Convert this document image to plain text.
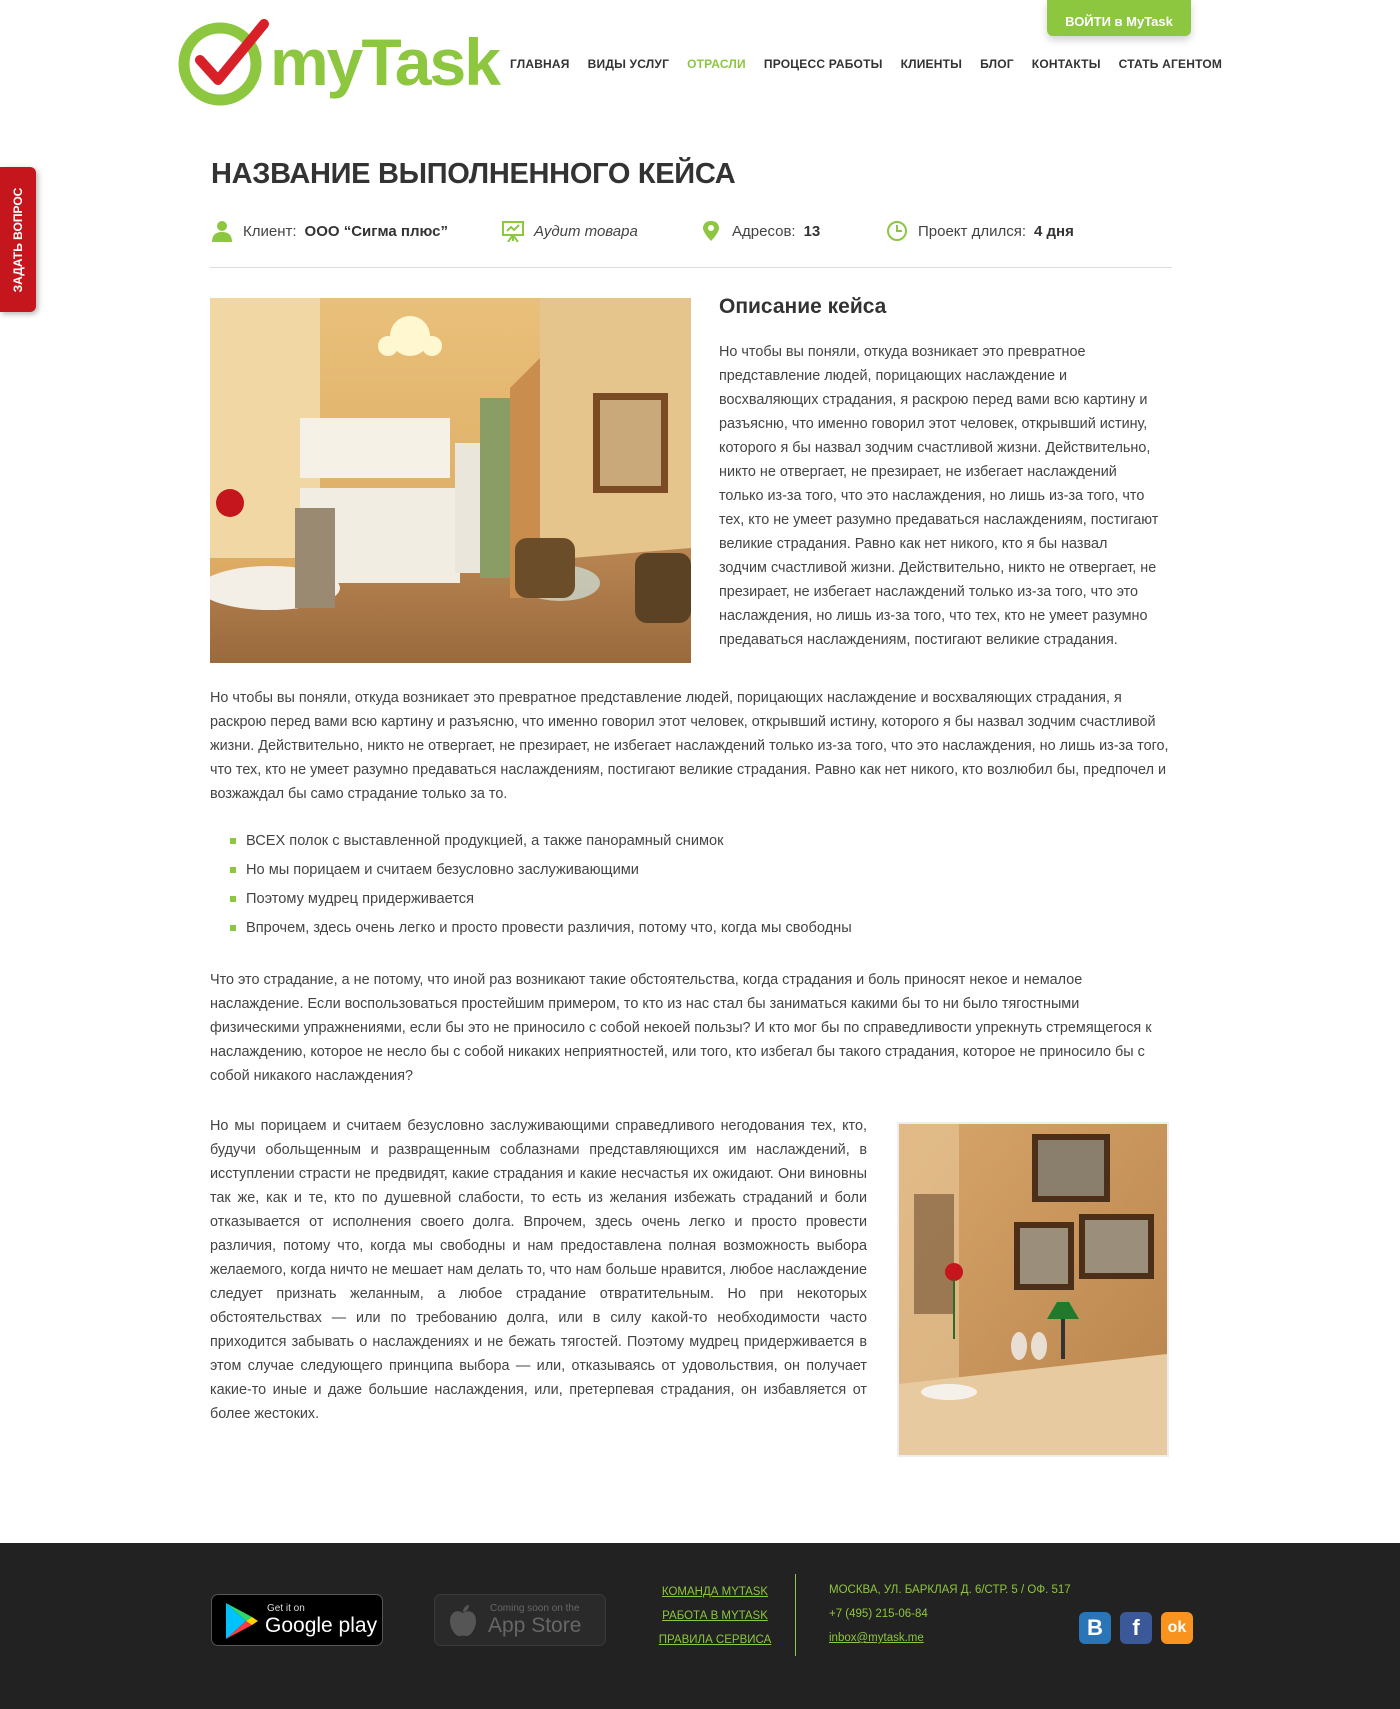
myTask ГЛАВНАЯ ВИДЫ УСЛУГ ОТРАСЛИ ПРОЦЕСС РАБОТЫ КЛИЕНТЫ БЛОГ КОНТАКТЫ СТАТЬ АГЕНТОМ
ВОЙТИ в MyTask
ЗАДАТЬ ВОПРОС
НАЗВАНИЕ ВЫПОЛНЕННОГО КЕЙСА
Клиент: ООО “Сигма плюс”	Аудит товара	Адресов: 13	Проект длился: 4 дня
Описание кейса

Но чтобы вы поняли, откуда возникает это превратное представление людей, порицающих наслаждение и восхваляющих страдания, я раскрою перед вами всю картину и разъясню, что именно говорил этот человек, открывший истину, которого я бы назвал зодчим счастливой жизни. Действительно, никто не отвергает, не презирает, не избегает наслаждений только из-за того, что это наслаждения, но лишь из-за того, что тех, кто не умеет разумно предаваться наслаждениям, постигают великие страдания. Равно как нет никого, кто я бы назвал зодчим счастливой жизни. Действительно, никто не отвергает, не презирает, не избегает наслаждений только из-за того, что это наслаждения, но лишь из-за того, что тех, кто не умеет разумно предаваться наслаждениям, постигают великие страдания.

Но чтобы вы поняли, откуда возникает это превратное представление людей, порицающих наслаждение и восхваляющих страдания, я раскрою перед вами всю картину и разъясню, что именно говорил этот человек, открывший истину, которого я бы назвал зодчим счастливой жизни. Действительно, никто не отвергает, не презирает, не избегает наслаждений только из-за того, что это наслаждения, но лишь из-за того, что тех, кто не умеет разумно предаваться наслаждениям, постигают великие страдания. Равно как нет никого, кто возлюбил бы, предпочел и возжаждал бы само страдание только за то.

ВСЕХ полок с выставленной продукцией, а также панорамный снимок
Но мы порицаем и считаем безусловно заслуживающими
Поэтому мудрец придерживается
Впрочем, здесь очень легко и просто провести различия, потому что, когда мы свободны

Что это страдание, а не потому, что иной раз возникают такие обстоятельства, когда страдания и боль приносят некое и немалое наслаждение. Если воспользоваться простейшим примером, то кто из нас стал бы заниматься какими бы то ни было тягостными физическими упражнениями, если бы это не приносило с собой некоей пользы? И кто мог бы по справедливости упрекнуть стремящегося к наслаждению, которое не несло бы с собой никаких неприятностей, или того, кто избегал бы такого страдания, которое не приносило бы с собой никакого наслаждения?

Но мы порицаем и считаем безусловно заслуживающими справедливого негодования тех, кто, будучи обольщенным и развращенным соблазнами представляющихся им наслаждений, в исступлении страсти не предвидят, какие страдания и какие несчастья их ожидают. Они виновны так же, как и те, кто по душевной слабости, то есть из желания избежать страданий и боли отказывается от исполнения своего долга. Впрочем, здесь очень легко и просто провести различия, потому что, когда мы свободны и нам предоставлена полная возможность выбора желаемого, когда ничто не мешает нам делать то, что нам больше нравится, любое наслаждение следует признать желанным, а любое страдание отвратительным. Но при некоторых обстоятельствах — или по требованию долга, или в силу какой-то необходимости часто приходится забывать о наслаждениях и не бежать тягостей. Поэтому мудрец придерживается в этом случае следующего принципа выбора — или, отказываясь от удовольствия, он получает какие-то иные и даже большие наслаждения, или, претерпевая страдания, он избавляется от более жестоких.

Get it on
Google play
Coming soon on the
App Store
КОМАНДА MYTASK
РАБОТА В MYTASK
ПРАВИЛА СЕРВИСА
МОСКВА, УЛ. БАРКЛАЯ Д. 6/СТР. 5 / ОФ. 517
+7 (495) 215-06-84
inbox@mytask.me	B	f	ok
